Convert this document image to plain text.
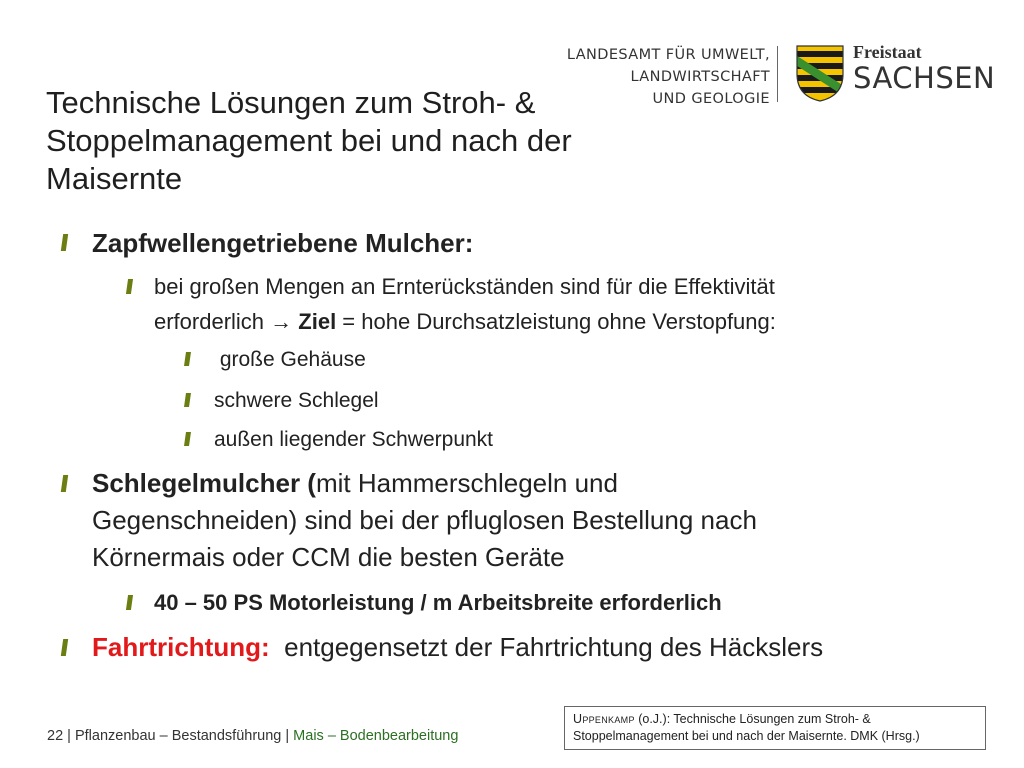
LANDESAMT FÜR UMWELT,
LANDWIRTSCHAFT
UND GEOLOGIE
Freistaat
SACHSEN
Technische Lösungen zum Stroh- &
Stoppelmanagement bei und nach der
Maisernte
Zapfwellengetriebene Mulcher:
bei großen Mengen an Ernterückständen sind für die Effektivität
erforderlich → Ziel = hohe Durchsatzleistung ohne Verstopfung:
große Gehäuse
schwere Schlegel
außen liegender Schwerpunkt
Schlegelmulcher (mit Hammerschlegeln und
Gegenschneiden) sind bei der pfluglosen Bestellung nach
Körnermais oder CCM die besten Geräte
40 – 50 PS Motorleistung / m Arbeitsbreite erforderlich
Fahrtrichtung:  entgegensetzt der Fahrtrichtung des Häckslers
22 | Pflanzenbau – Bestandsführung | Mais – Bodenbearbeitung
Uppenkamp (o.J.): Technische Lösungen zum Stroh- &
Stoppelmanagement bei und nach der Maisernte. DMK (Hrsg.)
